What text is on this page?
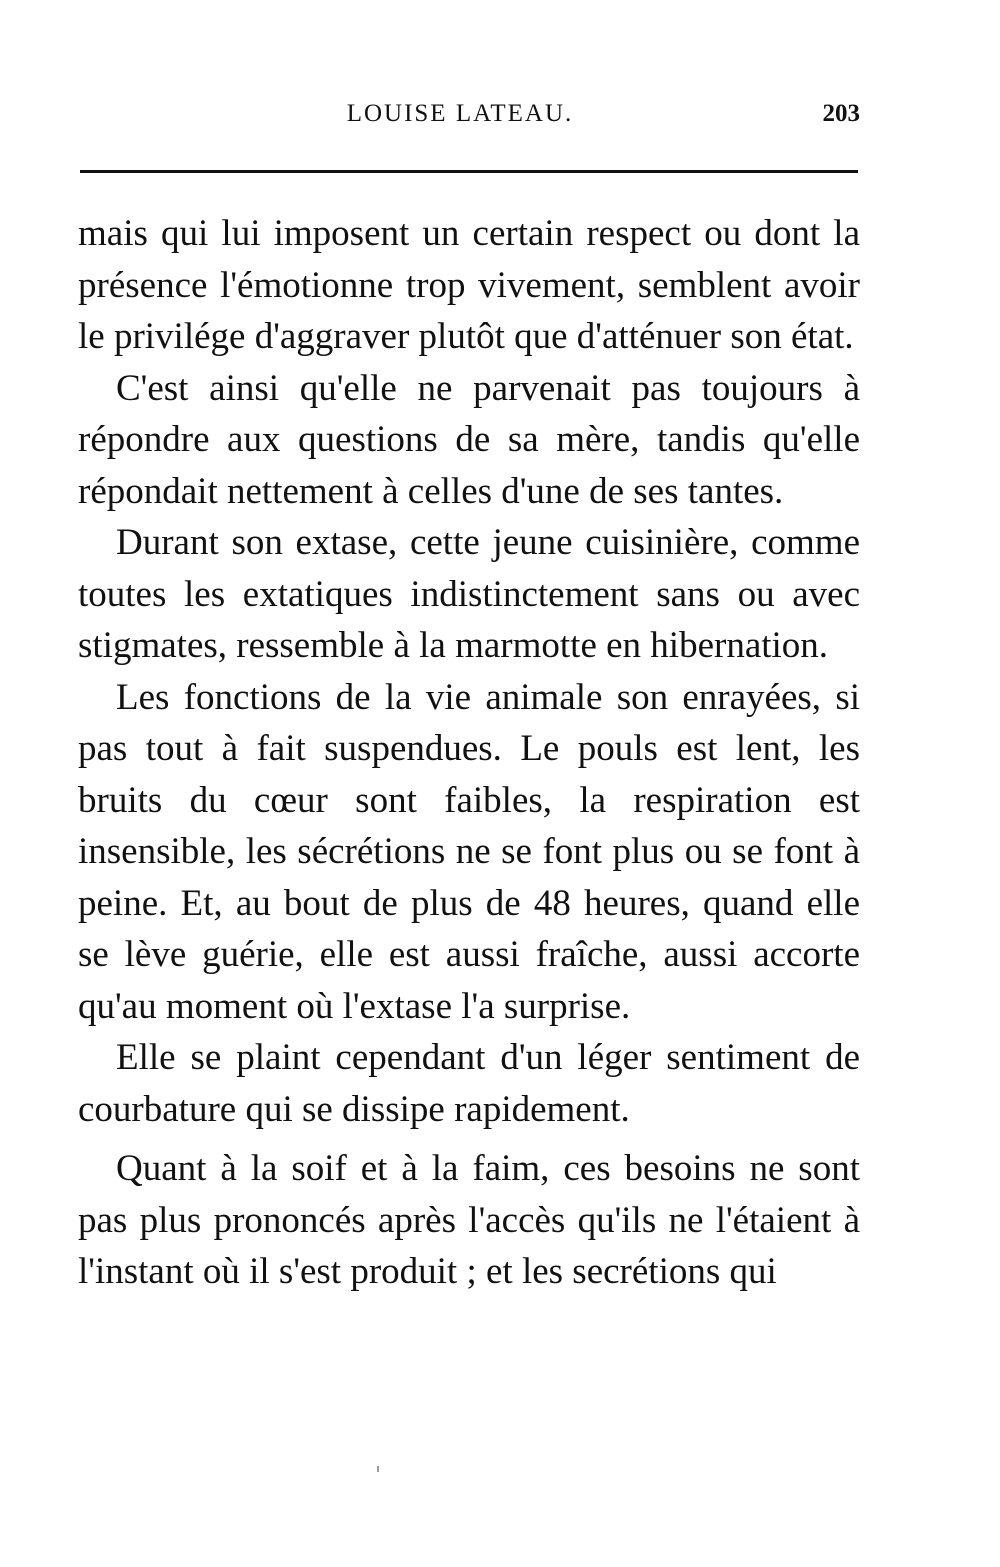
LOUISE LATEAU.	203

mais qui lui imposent un certain respect ou dont la présence l'émotionne trop vivement, semblent avoir le privilége d'aggraver plutôt que d'atténuer son état.

C'est ainsi qu'elle ne parvenait pas toujours à répondre aux questions de sa mère, tandis qu'elle répondait nettement à celles d'une de ses tantes.

Durant son extase, cette jeune cuisinière, comme toutes les extatiques indistinctement sans ou avec stigmates, ressemble à la marmotte en hibernation.

Les fonctions de la vie animale son enrayées, si pas tout à fait suspendues. Le pouls est lent, les bruits du cœur sont faibles, la respiration est insensible, les sécrétions ne se font plus ou se font à peine. Et, au bout de plus de 48 heures, quand elle se lève guérie, elle est aussi fraîche, aussi accorte qu'au moment où l'extase l'a surprise.

Elle se plaint cependant d'un léger sentiment de courbature qui se dissipe rapidement.

Quant à la soif et à la faim, ces besoins ne sont pas plus prononcés après l'accès qu'ils ne l'étaient à l'instant où il s'est produit ; et les secrétions qui
